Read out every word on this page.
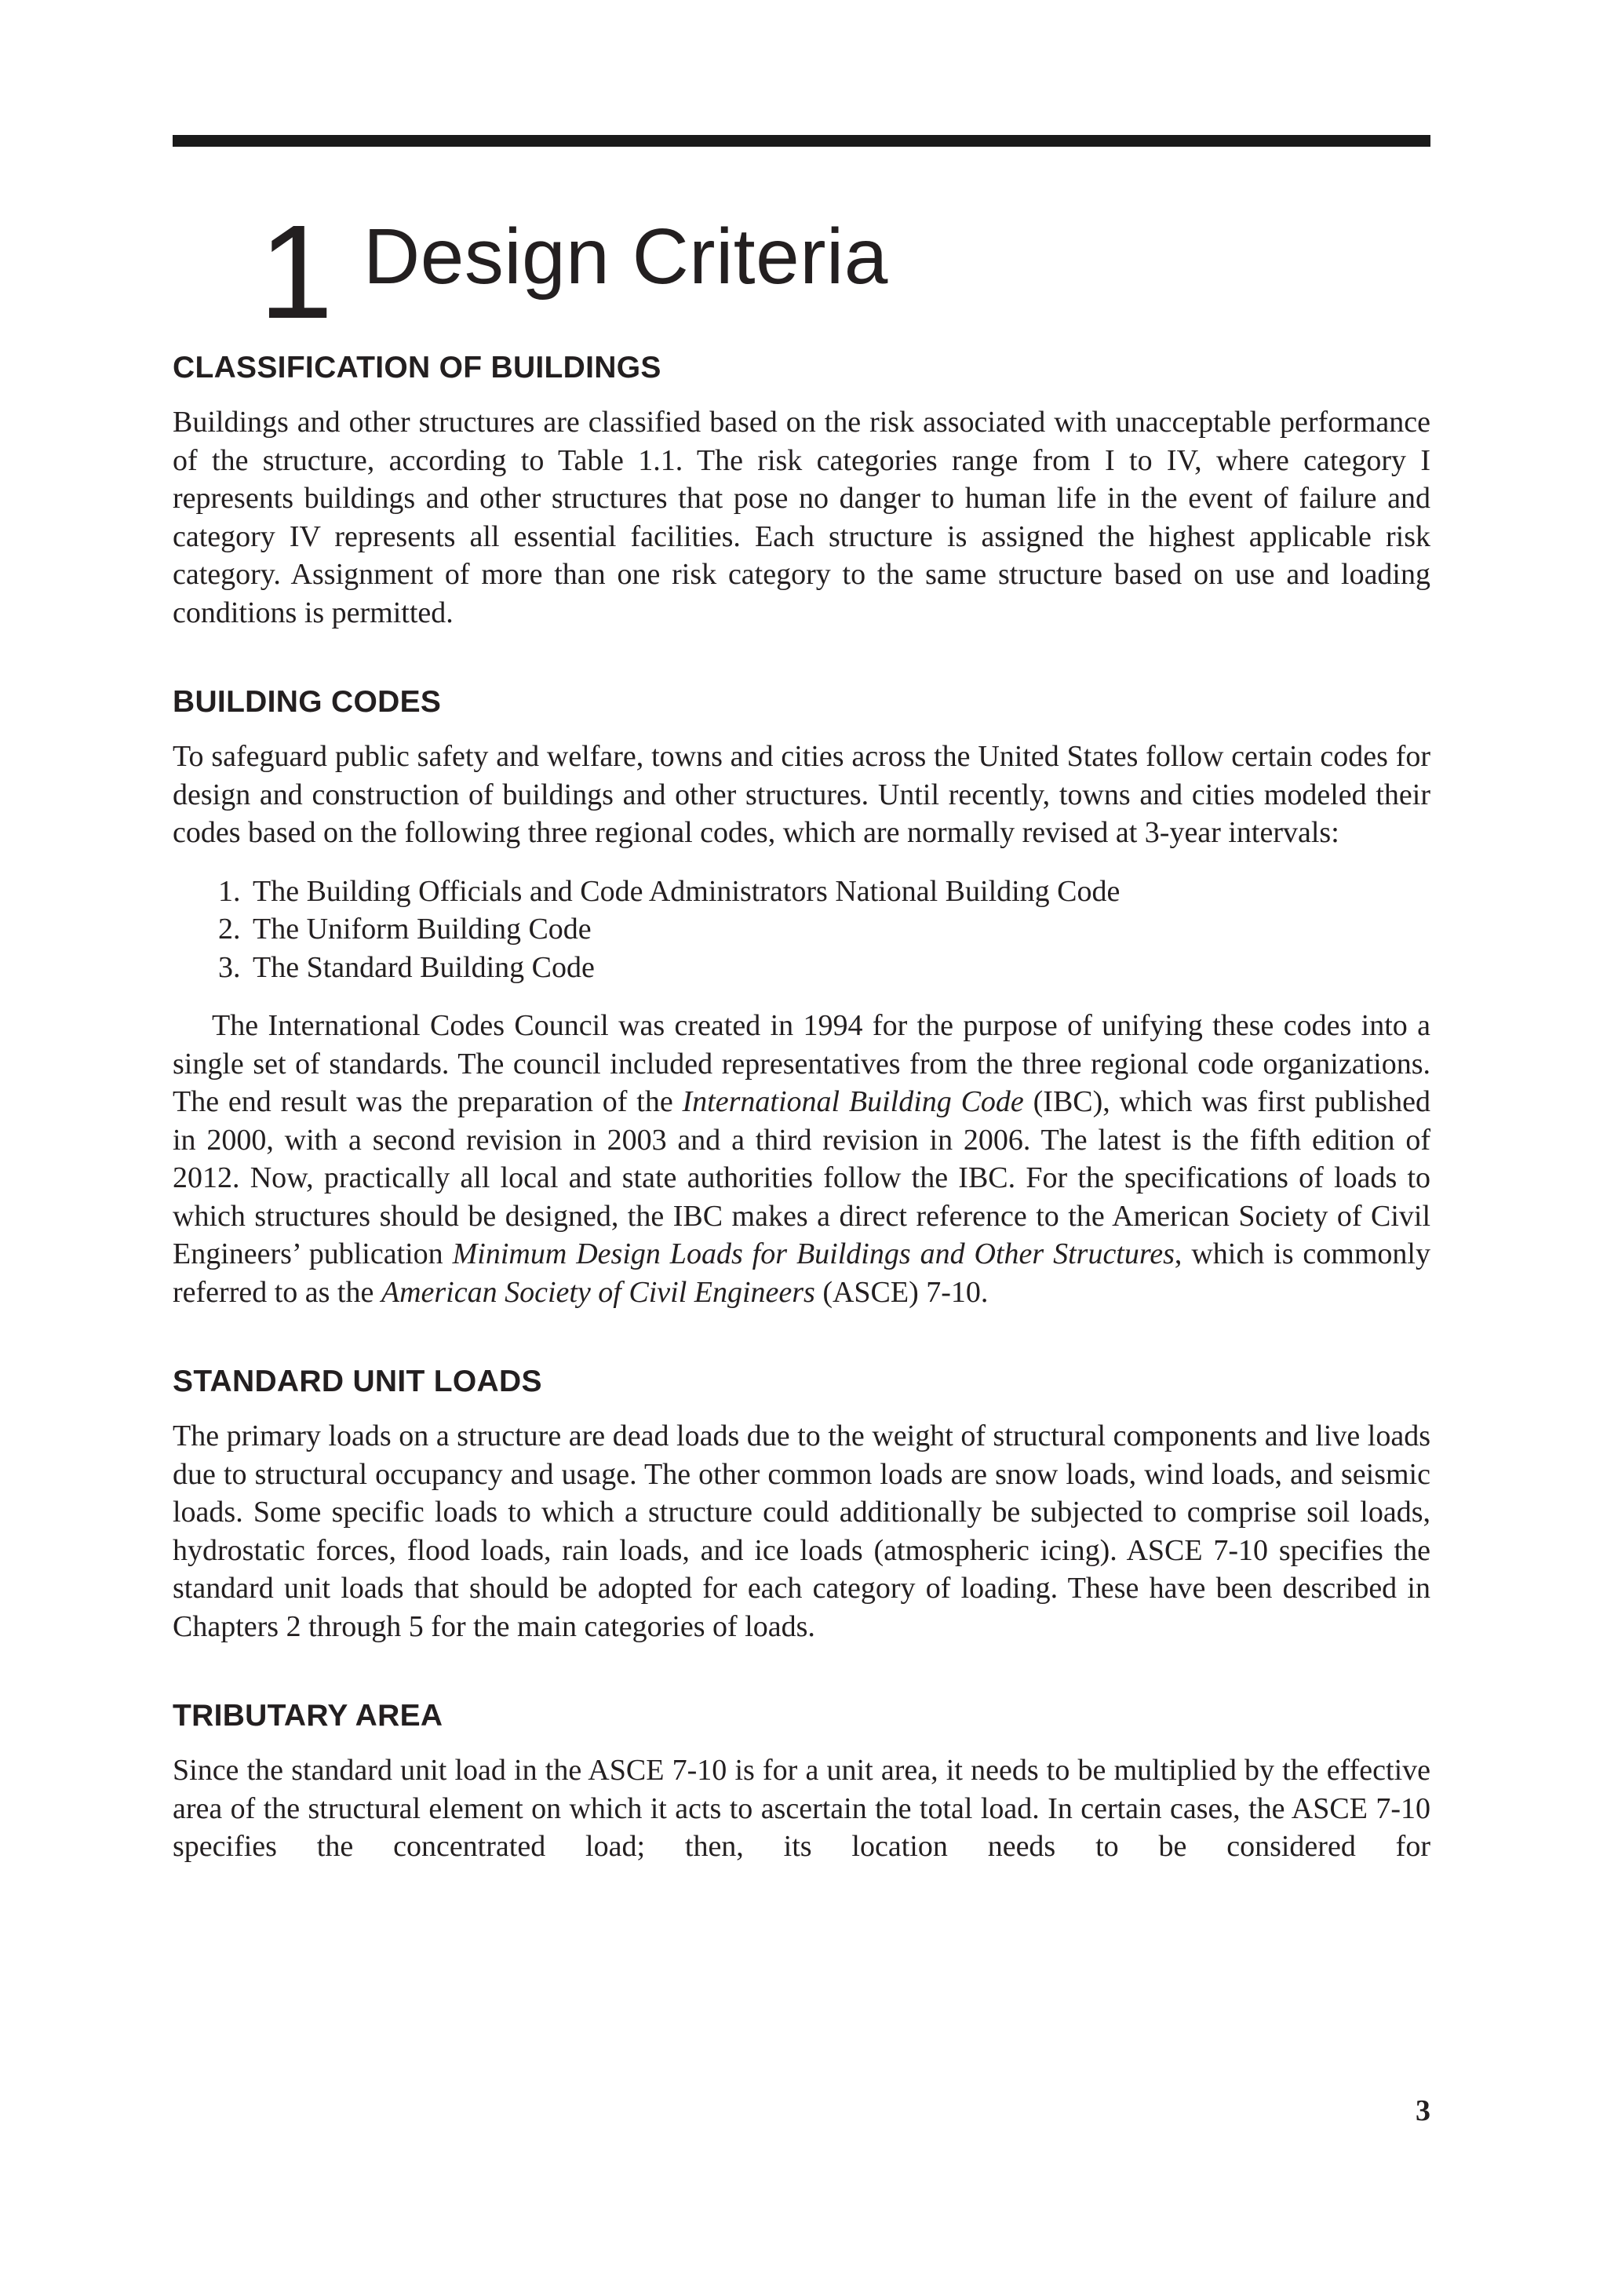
1 Design Criteria
CLASSIFICATION OF BUILDINGS

Buildings and other structures are classified based on the risk associated with unacceptable performance of the structure, according to Table 1.1. The risk categories range from I to IV, where category I represents buildings and other structures that pose no danger to human life in the event of failure and category IV represents all essential facilities. Each structure is assigned the highest applicable risk category. Assignment of more than one risk category to the same structure based on use and loading conditions is permitted.

BUILDING CODES

To safeguard public safety and welfare, towns and cities across the United States follow certain codes for design and construction of buildings and other structures. Until recently, towns and cities modeled their codes based on the following three regional codes, which are normally revised at 3-year intervals:

1. The Building Officials and Code Administrators National Building Code
2. The Uniform Building Code
3. The Standard Building Code

The International Codes Council was created in 1994 for the purpose of unifying these codes into a single set of standards. The council included representatives from the three regional code organizations. The end result was the preparation of the International Building Code (IBC), which was first published in 2000, with a second revision in 2003 and a third revision in 2006. The latest is the fifth edition of 2012. Now, practically all local and state authorities follow the IBC. For the specifications of loads to which structures should be designed, the IBC makes a direct reference to the American Society of Civil Engineers’ publication Minimum Design Loads for Buildings and Other Structures, which is commonly referred to as the American Society of Civil Engineers (ASCE) 7-10.

STANDARD UNIT LOADS

The primary loads on a structure are dead loads due to the weight of structural components and live loads due to structural occupancy and usage. The other common loads are snow loads, wind loads, and seismic loads. Some specific loads to which a structure could additionally be subjected to comprise soil loads, hydrostatic forces, flood loads, rain loads, and ice loads (atmospheric icing). ASCE 7-10 specifies the standard unit loads that should be adopted for each category of loading. These have been described in Chapters 2 through 5 for the main categories of loads.

TRIBUTARY AREA

Since the standard unit load in the ASCE 7-10 is for a unit area, it needs to be multiplied by the effective area of the structural element on which it acts to ascertain the total load. In certain cases, the ASCE 7-10 specifies the concentrated load; then, its location needs to be considered for

3
